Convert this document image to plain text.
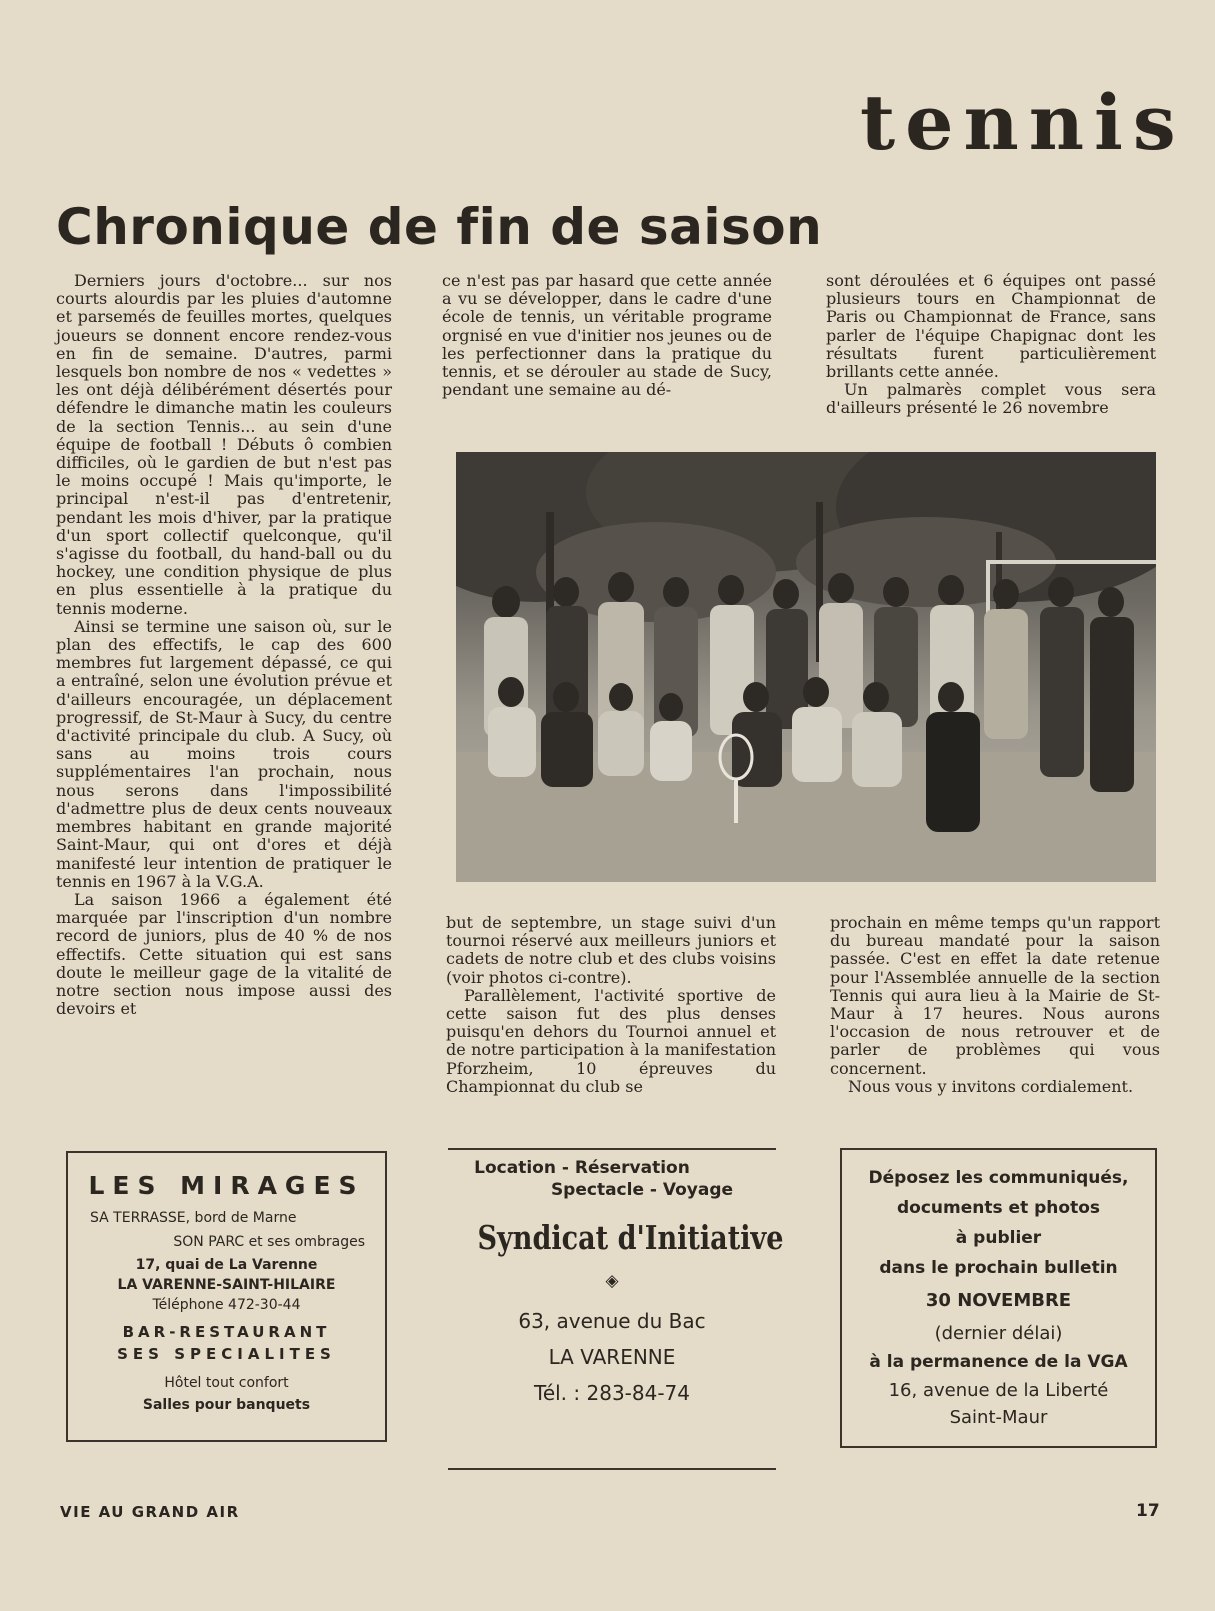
tennis
Chronique de fin de saison

Derniers jours d'octobre... sur nos courts alourdis par les pluies d'automne et parsemés de feuilles mortes, quelques joueurs se donnent encore rendez-vous en fin de semaine. D'autres, parmi lesquels bon nombre de nos « vedettes » les ont déjà délibérément désertés pour défendre le dimanche matin les couleurs de la section Tennis... au sein d'une équipe de football ! Débuts ô combien difficiles, où le gardien de but n'est pas le moins occupé ! Mais qu'importe, le principal n'est-il pas d'entretenir, pendant les mois d'hiver, par la pratique d'un sport collectif quelconque, qu'il s'agisse du football, du hand-ball ou du hockey, une condition physique de plus en plus essentielle à la pratique du tennis moderne.

Ainsi se termine une saison où, sur le plan des effectifs, le cap des 600 membres fut largement dépassé, ce qui a entraîné, selon une évolution prévue et d'ailleurs encouragée, un déplacement progressif, de St-Maur à Sucy, du centre d'activité principale du club. A Sucy, où sans au moins trois cours supplémentaires l'an prochain, nous nous serons dans l'impossibilité d'admettre plus de deux cents nouveaux membres habitant en grande majorité Saint-Maur, qui ont d'ores et déjà manifesté leur intention de pratiquer le tennis en 1967 à la V.G.A.

La saison 1966 a également été marquée par l'inscription d'un nombre record de juniors, plus de 40 % de nos effectifs. Cette situation qui est sans doute le meilleur gage de la vitalité de notre section nous impose aussi des devoirs et

ce n'est pas par hasard que cette année a vu se développer, dans le cadre d'une école de tennis, un véritable programe orgnisé en vue d'initier nos jeunes ou de les perfectionner dans la pratique du tennis, et se dérouler au stade de Sucy, pendant une semaine au dé-

sont déroulées et 6 équipes ont passé plusieurs tours en Championnat de Paris ou Championnat de France, sans parler de l'équipe Chapignac dont les résultats furent particulièrement brillants cette année.

Un palmarès complet vous sera d'ailleurs présenté le 26 novembre

but de septembre, un stage suivi d'un tournoi réservé aux meilleurs juniors et cadets de notre club et des clubs voisins (voir photos ci-contre).

Parallèlement, l'activité sportive de cette saison fut des plus denses puisqu'en dehors du Tournoi annuel et de notre participation à la manifestation Pforzheim, 10 épreuves du Championnat du club se

prochain en même temps qu'un rapport du bureau mandaté pour la saison passée. C'est en effet la date retenue pour l'Assemblée annuelle de la section Tennis qui aura lieu à la Mairie de St-Maur à 17 heures. Nous aurons l'occasion de nous retrouver et de parler de problèmes qui vous concernent.

Nous vous y invitons cordialement.

LES MIRAGES
SA TERRASSE, bord de Marne
SON PARC et ses ombrages
17, quai de La Varenne
LA VARENNE-SAINT-HILAIRE
Téléphone 472-30-44
BAR-RESTAURANT
SES SPECIALITES
Hôtel tout confort
Salles pour banquets
Location - Réservation
Spectacle - Voyage
Syndicat d'Initiative
◈
63, avenue du Bac
LA VARENNE
Tél. : 283-84-74
Déposez les communiqués,
documents et photos
à publier
dans le prochain bulletin
30 NOVEMBRE
(dernier délai)
à la permanence de la VGA
16, avenue de la Liberté
Saint-Maur
VIE AU GRAND AIR	17
